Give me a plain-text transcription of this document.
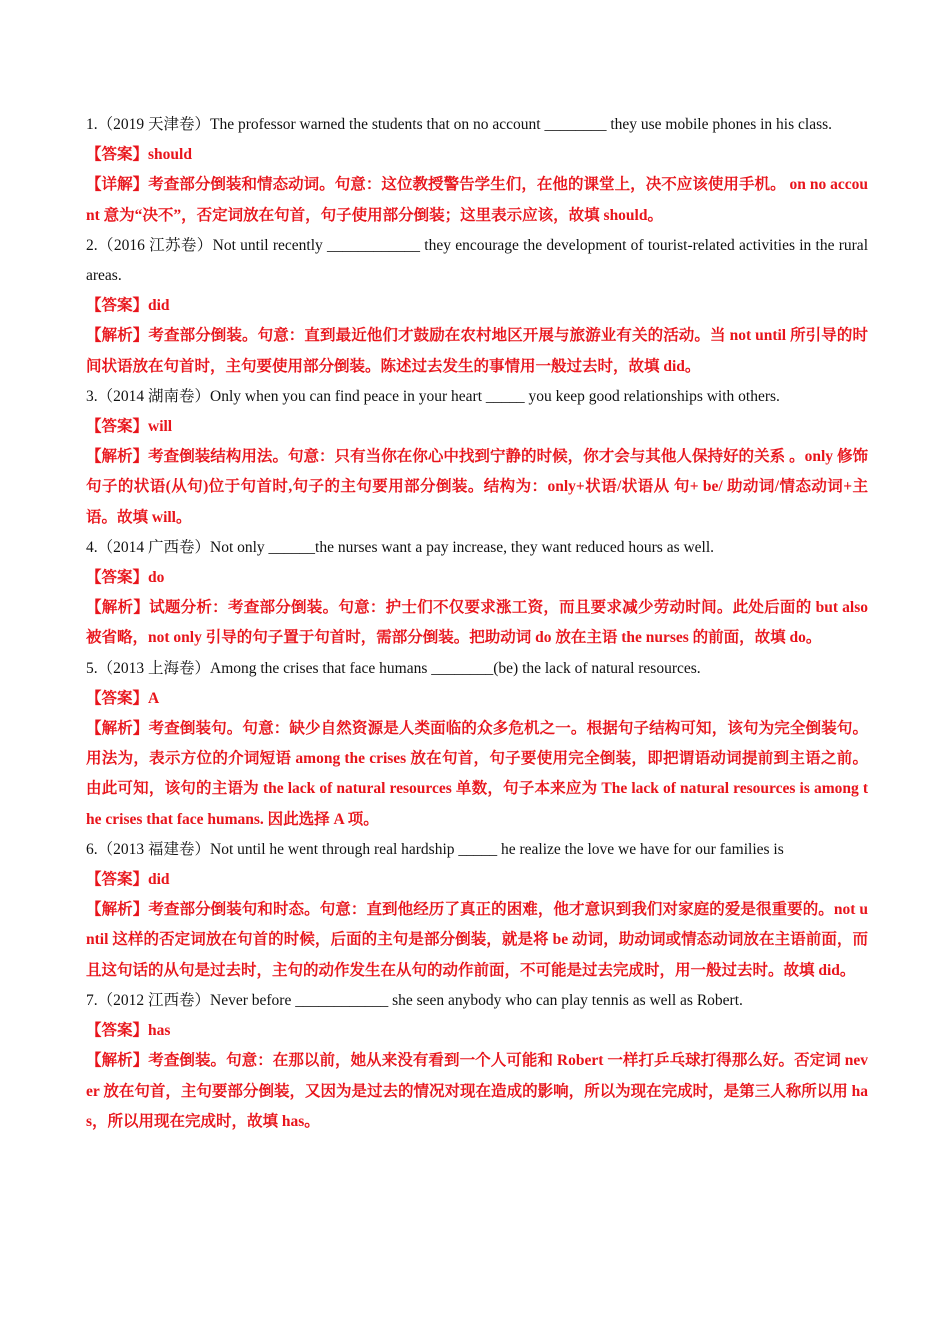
1.（2019 天津卷）The professor warned the students that on no account ________ they use mobile phones in his class.
【答案】should
【详解】考查部分倒装和情态动词。句意：这位教授警告学生们，在他的课堂上，决不应该使用手机。 on no account 意为“决不”，否定词放在句首，句子使用部分倒装；这里表示应该，故填 should。
2.（2016 江苏卷）Not until recently ____________ they encourage the development of tourist-related activities in the rural areas.
【答案】did
【解析】考查部分倒装。句意：直到最近他们才鼓励在农村地区开展与旅游业有关的活动。当 not until 所引导的时间状语放在句首时，主句要使用部分倒装。陈述过去发生的事情用一般过去时，故填 did。
3.（2014 湖南卷）Only when you can find peace in your heart _____ you keep good relationships with others.
【答案】will
【解析】考查倒装结构用法。句意：只有当你在你心中找到宁静的时候，你才会与其他人保持好的关系 。only 修饰句子的状语(从句)位于句首时,句子的主句要用部分倒装。结构为：only+状语/状语从 句+ be/ 助动词/情态动词+主语。故填 will。
4.（2014 广西卷）Not only ______the nurses want a pay increase, they want reduced hours as well.
【答案】do
【解析】试题分析：考查部分倒装。句意：护士们不仅要求涨工资，而且要求减少劳动时间。此处后面的 but also 被省略，not only 引导的句子置于句首时，需部分倒装。把助动词 do 放在主语 the nurses 的前面，故填 do。
5.（2013 上海卷）Among the crises that face humans ________(be) the lack of natural resources.
【答案】A
【解析】考查倒装句。句意：缺少自然资源是人类面临的众多危机之一。根据句子结构可知，该句为完全倒装句。用法为，表示方位的介词短语 among the crises 放在句首，句子要使用完全倒装，即把谓语动词提前到主语之前。由此可知，该句的主语为 the lack of natural resources 单数，句子本来应为 The lack of natural resources is among the crises that face humans. 因此选择 A 项。
6.（2013 福建卷）Not until he went through real hardship _____ he realize the love we have for our families is
【答案】did
【解析】考查部分倒装句和时态。句意：直到他经历了真正的困难，他才意识到我们对家庭的爱是很重要的。not until 这样的否定词放在句首的时候，后面的主句是部分倒装，就是将 be 动词，助动词或情态动词放在主语前面，而且这句话的从句是过去时，主句的动作发生在从句的动作前面，不可能是过去完成时，用一般过去时。故填 did。
7.（2012 江西卷）Never before ____________ she seen anybody who can play tennis as well as Robert.
【答案】has
【解析】考查倒装。句意：在那以前，她从来没有看到一个人可能和 Robert 一样打乒乓球打得那么好。否定词 never 放在句首，主句要部分倒装，又因为是过去的情况对现在造成的影响，所以为现在完成时，是第三人称所以用 has，所以用现在完成时，故填 has。
